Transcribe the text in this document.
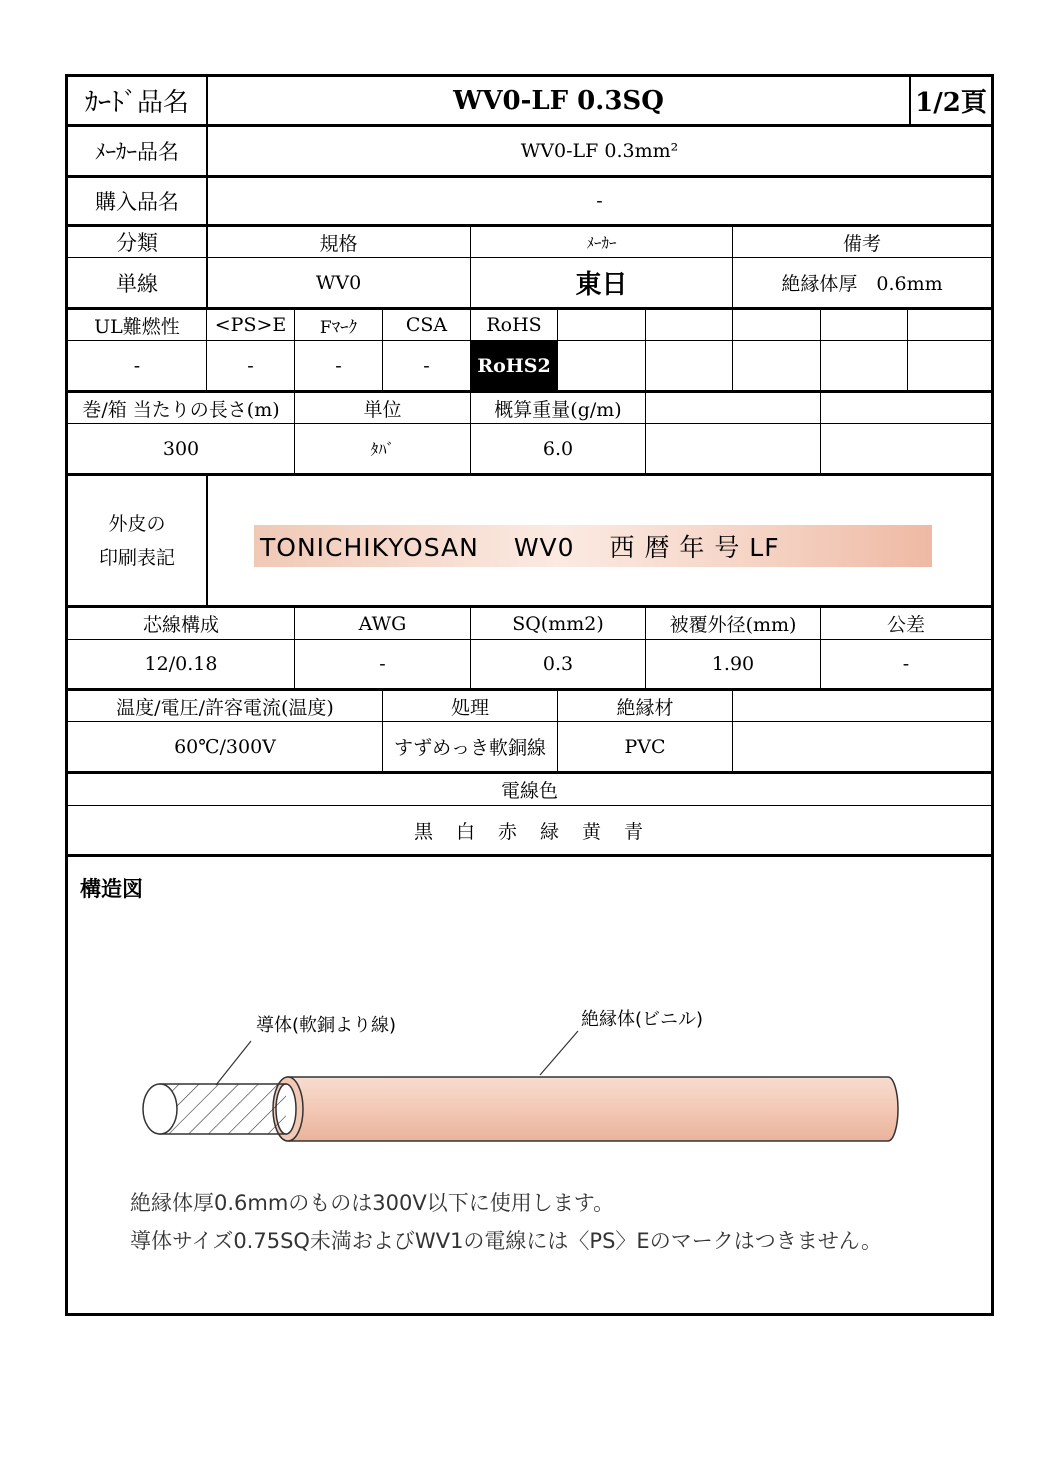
ｶｰﾄﾞ品名	WV0-LF 0.3SQ	1/2頁
ﾒｰｶｰ品名	WV0-LF 0.3mm²
購入品名	-
分類	規格	ﾒｰｶｰ	備考
単線	WV0	東日	絶縁体厚　0.6mm
UL難燃性	<PS>E	Fﾏｰｸ	CSA	RoHS
-	-	-	-	RoHS2
巻/箱 当たりの長さ(m)	単位	概算重量(g/m)
300	ﾀﾊﾞ	6.0
外皮の
印刷表記	TONICHIKYOSAN　 WV0　 西 暦 年 号 LF
芯線構成	AWG	SQ(mm2)	被覆外径(mm)	公差
12/0.18	-	0.3	1.90	-
温度/電圧/許容電流(温度)	処理	絶縁材
60℃/300V	すずめっき軟銅線	PVC
電線色
黒　白　赤　緑　黄　青
構造図
導体(軟銅より線)	絶縁体(ビニル)
絶縁体厚0.6mmのものは300V以下に使用します。
導体サイズ0.75SQ未満およびWV1の電線には〈PS〉Eのマークはつきません。
